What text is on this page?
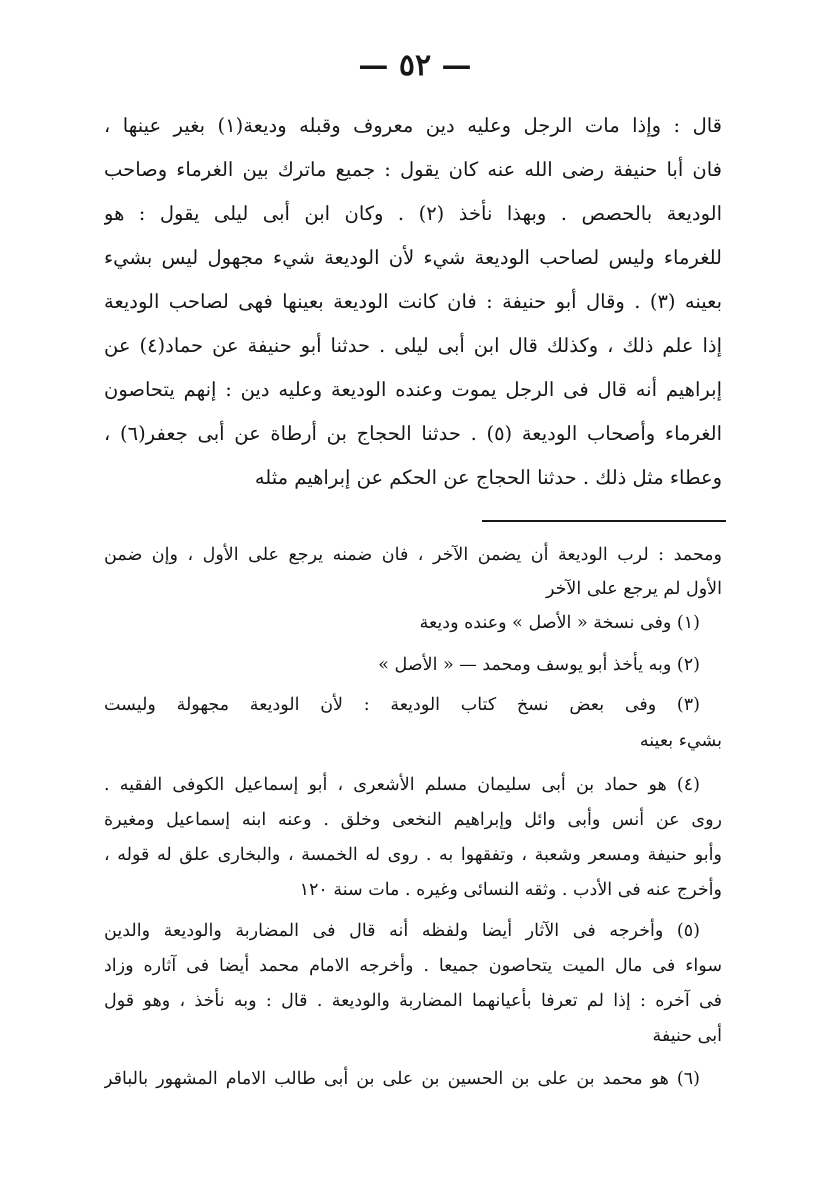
— ٥٢ —
قال : وإذا مات الرجل وعليه دين معروف وقبله وديعة(١) بغير عينها ،
فان أبا حنيفة رضى الله عنه كان يقول : جميع ماترك بين الغرماء وصاحب
الوديعة بالحصص . وبهذا نأخذ (٢) . وكان ابن أبى ليلى يقول : هو
للغرماء وليس لصاحب الوديعة شيء لأن الوديعة شيء مجهول ليس بشيء
بعينه (٣) . وقال أبو حنيفة : فان كانت الوديعة بعينها فهى لصاحب الوديعة
إذا علم ذلك ، وكذلك قال ابن أبى ليلى . حدثنا أبو حنيفة عن حماد(٤) عن
إبراهيم أنه قال فى الرجل يموت وعنده الوديعة وعليه دين : إنهم يتحاصون
الغرماء وأصحاب الوديعة (٥) . حدثنا الحجاج بن أرطاة عن أبى جعفر(٦) ،
وعطاء مثل ذلك . حدثنا الحجاج عن الحكم عن إبراهيم مثله
ومحمد : لرب الوديعة أن يضمن الآخر ، فان ضمنه يرجع على الأول ، وإن ضمن
الأول لم يرجع على الآخر
(١) وفى نسخة « الأصل » وعنده وديعة
(٢) وبه يأخذ أبو يوسف ومحمد — « الأصل »
(٣) وفى بعض نسخ كتاب الوديعة : لأن الوديعة مجهولة وليست
بشيء بعينه
(٤) هو حماد بن أبى سليمان مسلم الأشعرى ، أبو إسماعيل الكوفى الفقيه .
روى عن أنس وأبى وائل وإبراهيم النخعى وخلق . وعنه ابنه إسماعيل ومغيرة
وأبو حنيفة ومسعر وشعبة ، وتفقهوا به . روى له الخمسة ، والبخارى علق له قوله ،
وأخرج عنه فى الأدب . وثقه النسائى وغيره . مات سنة ١٢٠
(٥) وأخرجه فى الآثار أيضا ولفظه أنه قال فى المضاربة والوديعة والدين
سواء فى مال الميت يتحاصون جميعا . وأخرجه الامام محمد أيضا فى آثاره وزاد
فى آخره : إذا لم تعرفا بأعيانهما المضاربة والوديعة . قال : وبه نأخذ ، وهو قول
أبى حنيفة
(٦) هو محمد بن على بن الحسين بن على بن أبى طالب الامام المشهور بالباقر
